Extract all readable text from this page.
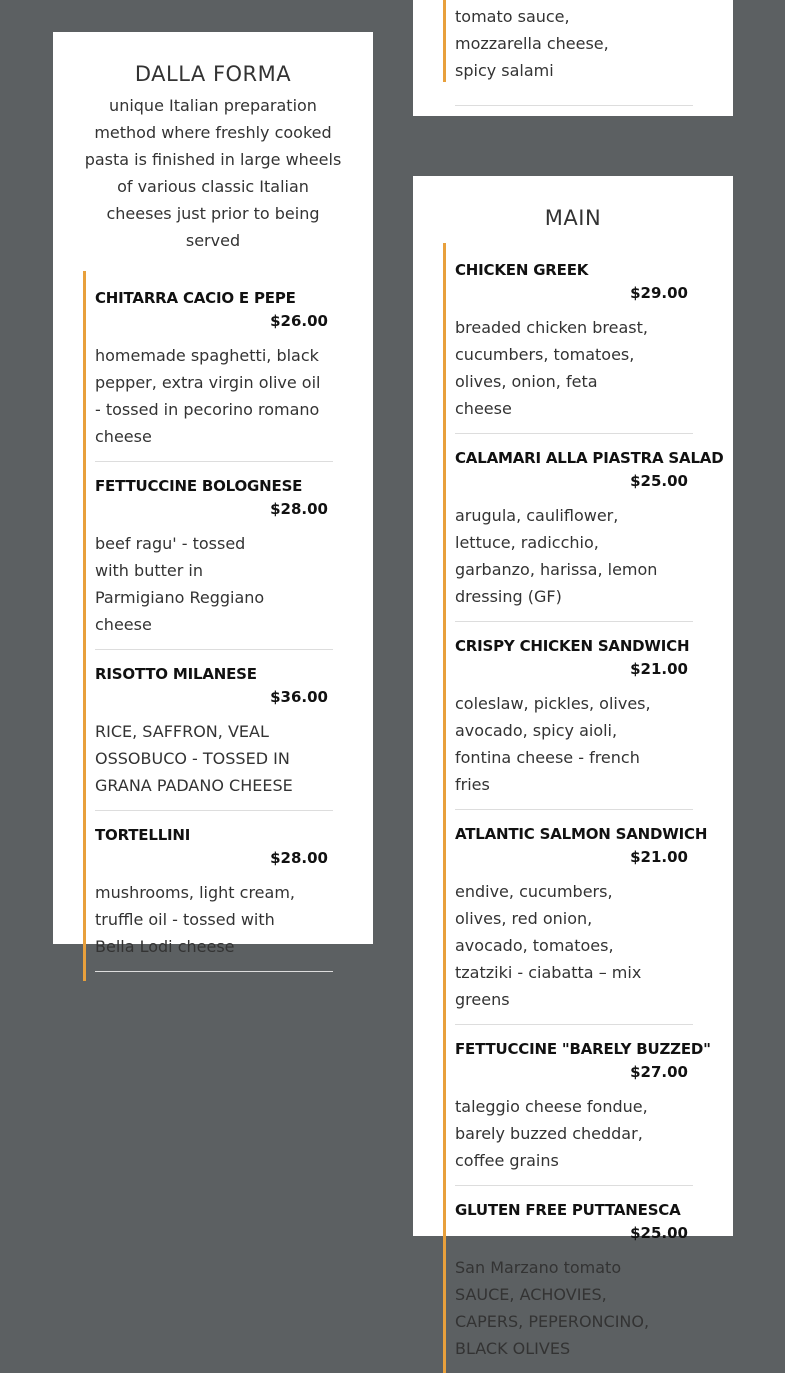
tomato sauce, mozzarella cheese, spicy salami
DALLA FORMA
unique Italian preparation method where freshly cooked pasta is finished in large wheels of various classic Italian cheeses just prior to being served
CHITARRA CACIO E PEPE
$26.00
homemade spaghetti, black pepper, extra virgin olive oil - tossed in pecorino romano cheese
FETTUCCINE BOLOGNESE
$28.00
beef ragu' - tossed with butter in Parmigiano Reggiano cheese
RISOTTO MILANESE
$36.00
RICE, SAFFRON, VEAL OSSOBUCO - TOSSED IN GRANA PADANO CHEESE
TORTELLINI
$28.00
mushrooms, light cream, truffle oil - tossed with Bella Lodi cheese
MAIN
CHICKEN GREEK
$29.00
breaded chicken breast, cucumbers, tomatoes, olives, onion, feta cheese
CALAMARI ALLA PIASTRA SALAD
$25.00
arugula, cauliflower, lettuce, radicchio, garbanzo, harissa, lemon dressing (GF)
CRISPY CHICKEN SANDWICH
$21.00
coleslaw, pickles, olives, avocado, spicy aioli, fontina cheese - french fries
ATLANTIC SALMON SANDWICH
$21.00
endive, cucumbers, olives, red onion, avocado, tomatoes, tzatziki - ciabatta – mix greens
FETTUCCINE "BARELY BUZZED"
$27.00
taleggio cheese fondue, barely buzzed cheddar, coffee grains
GLUTEN FREE PUTTANESCA
$25.00
San Marzano tomato SAUCE, ACHOVIES, CAPERS, PEPERONCINO, BLACK OLIVES
